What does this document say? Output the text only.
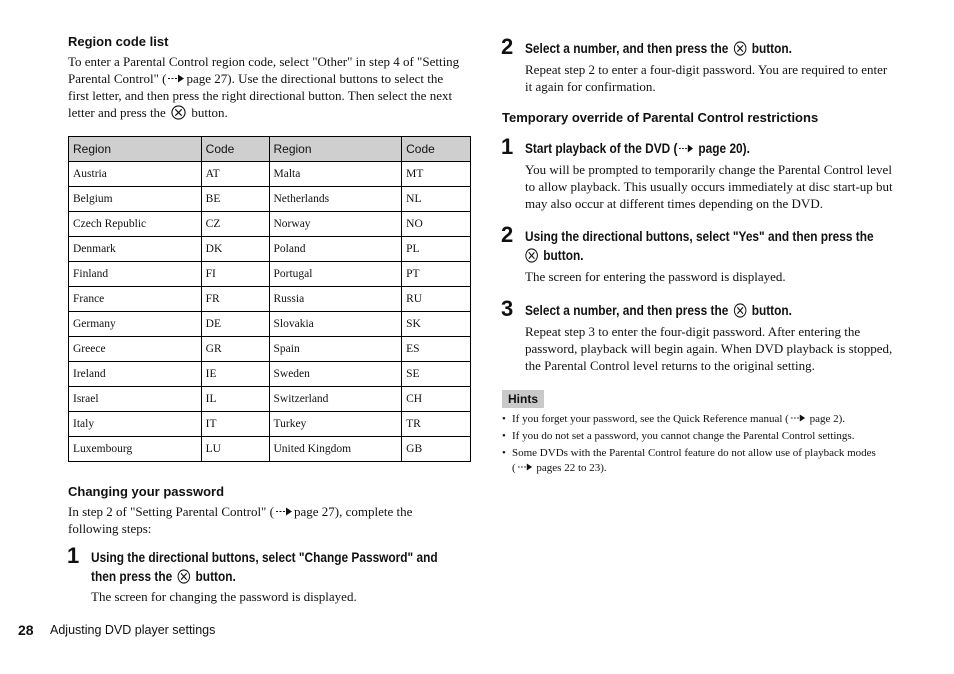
Region code list
To enter a Parental Control region code, select "Other" in step 4 of "Setting
Parental Control" ( page 27). Use the directional buttons to select the
first letter, and then press the right directional button. Then select the next
letter and press the button.
Region	Code	Region	Code
Austria	AT	Malta	MT
Belgium	BE	Netherlands	NL
Czech Republic	CZ	Norway	NO
Denmark	DK	Poland	PL
Finland	FI	Portugal	PT
France	FR	Russia	RU
Germany	DE	Slovakia	SK
Greece	GR	Spain	ES
Ireland	IE	Sweden	SE
Israel	IL	Switzerland	CH
Italy	IT	Turkey	TR
Luxembourg	LU	United Kingdom	GB
Changing your password
In step 2 of "Setting Parental Control" ( page 27), complete the
following steps:
1 Using the directional buttons, select "Change Password" and
then press the button.
The screen for changing the password is displayed.
2 Select a number, and then press the button.
Repeat step 2 to enter a four-digit password. You are required to enter
it again for confirmation.
Temporary override of Parental Control restrictions
1 Start playback of the DVD ( page 20).
You will be prompted to temporarily change the Parental Control level
to allow playback. This usually occurs immediately at disc start-up but
may also occur at different times depending on the DVD.
2 Using the directional buttons, select "Yes" and then press the
button.
The screen for entering the password is displayed.
3 Select a number, and then press the button.
Repeat step 3 to enter the four-digit password. After entering the
password, playback will begin again. When DVD playback is stopped,
the Parental Control level returns to the original setting.
Hints
• If you forget your password, see the Quick Reference manual ( page 2).
• If you do not set a password, you cannot change the Parental Control settings.
• Some DVDs with the Parental Control feature do not allow use of playback modes
( pages 22 to 23).
28 Adjusting DVD player settings
